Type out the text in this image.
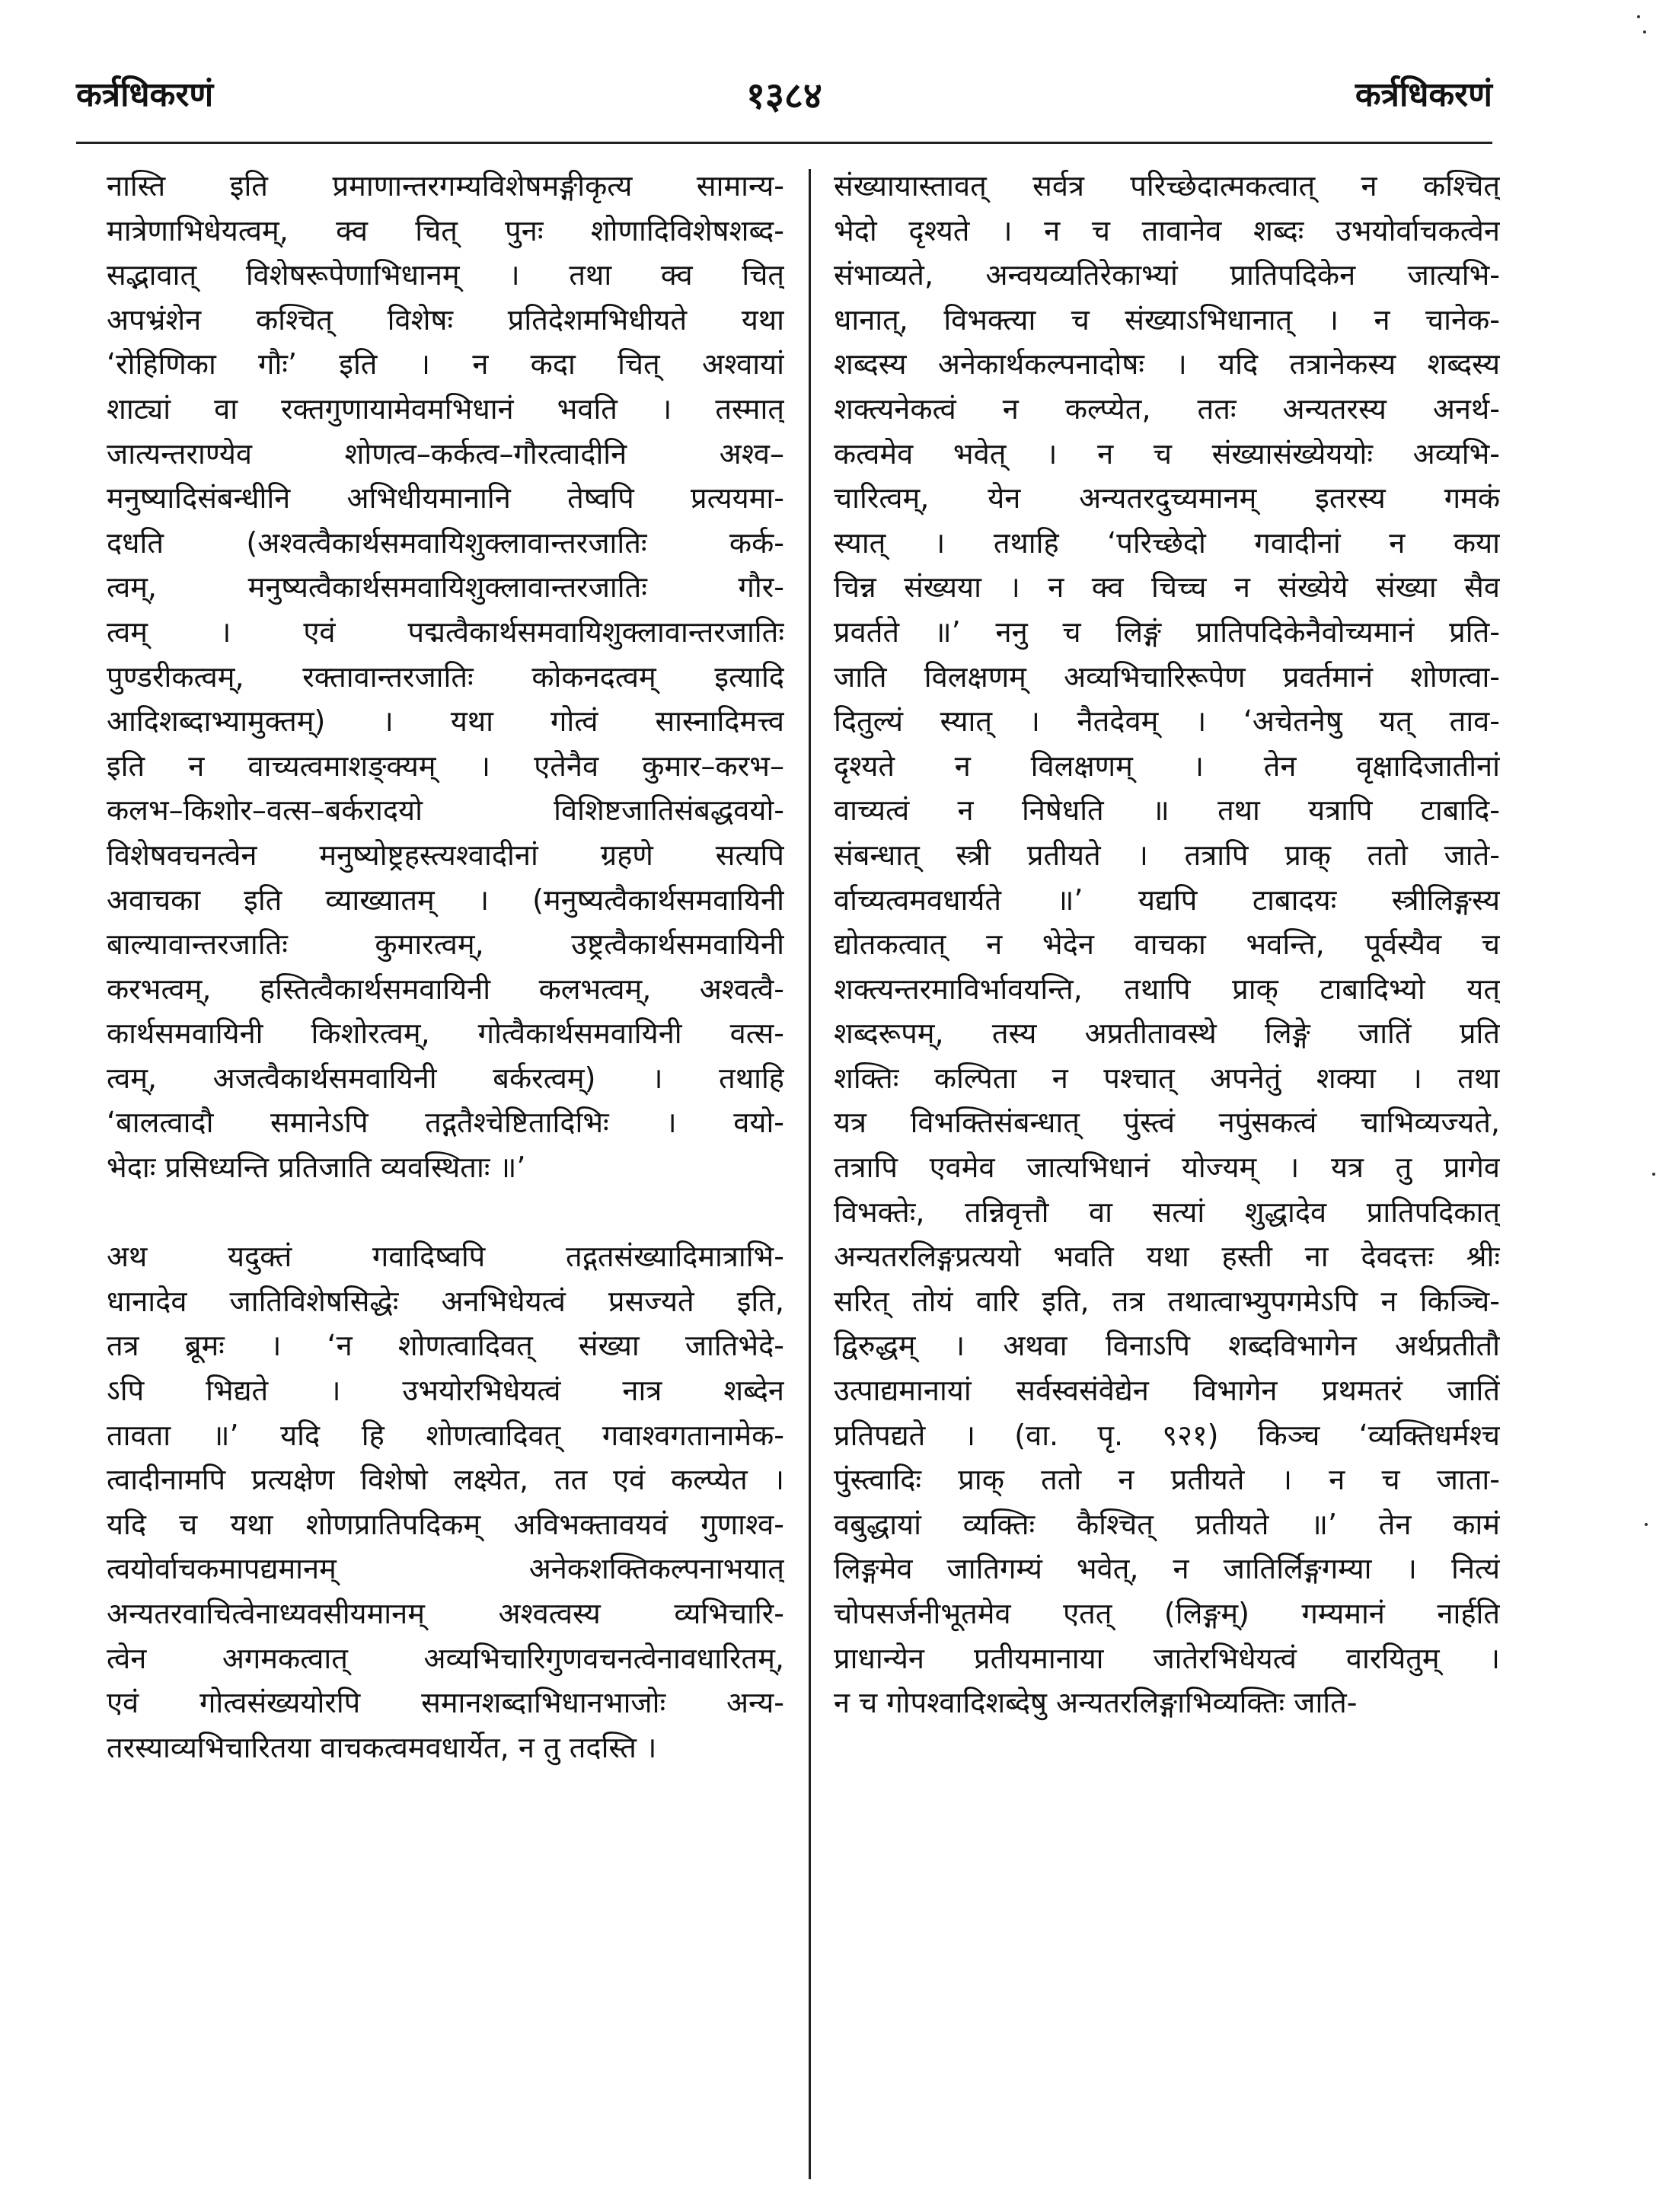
कर्त्रधिकरणं	१३८४	कर्त्रधिकरणं
नास्ति इति प्रमाणान्तरगम्यविशेषमङ्गीकृत्य सामान्य-
मात्रेणाभिधेयत्वम्, क्व चित् पुनः शोणादिविशेषशब्द-
सद्भावात् विशेषरूपेणाभिधानम् । तथा क्व चित्
अपभ्रंशेन कश्चित् विशेषः प्रतिदेशमभिधीयते यथा
‘रोहिणिका गौः’ इति । न कदा चित् अश्वायां
शाट्यां वा रक्तगुणायामेवमभिधानं भवति । तस्मात्
जात्यन्तराण्येव शोणत्व–कर्कत्व–गौरत्वादीनि अश्व–
मनुष्यादिसंबन्धीनि अभिधीयमानानि तेष्वपि प्रत्ययमा-
दधति (अश्वत्वैकार्थसमवायिशुक्लावान्तरजातिः कर्क-
त्वम्, मनुष्यत्वैकार्थसमवायिशुक्लावान्तरजातिः गौर-
त्वम् । एवं पद्मत्वैकार्थसमवायिशुक्लावान्तरजातिः
पुण्डरीकत्वम्, रक्तावान्तरजातिः कोकनदत्वम् इत्यादि
आदिशब्दाभ्यामुक्तम्) । यथा गोत्वं सास्नादिमत्त्व
इति न वाच्यत्वमाशङ्क्यम् । एतेनैव कुमार–करभ–
कलभ–किशोर–वत्स–बर्करादयो विशिष्टजातिसंबद्धवयो-
विशेषवचनत्वेन मनुष्योष्ट्रहस्त्यश्वादीनां ग्रहणे सत्यपि
अवाचका इति व्याख्यातम् । (मनुष्यत्वैकार्थसमवायिनी
बाल्यावान्तरजातिः कुमारत्वम्, उष्ट्रत्वैकार्थसमवायिनी
करभत्वम्, हस्तित्वैकार्थसमवायिनी कलभत्वम्, अश्वत्वै-
कार्थसमवायिनी किशोरत्वम्, गोत्वैकार्थसमवायिनी वत्स-
त्वम्, अजत्वैकार्थसमवायिनी बर्करत्वम्) । तथाहि
‘बालत्वादौ समानेऽपि तद्गतैश्चेष्टितादिभिः । वयो-
भेदाः प्रसिध्यन्ति प्रतिजाति व्यवस्थिताः ॥’
अथ यदुक्तं गवादिष्वपि तद्गतसंख्यादिमात्राभि-
धानादेव जातिविशेषसिद्धेः अनभिधेयत्वं प्रसज्यते इति,
तत्र ब्रूमः । ‘न शोणत्वादिवत् संख्या जातिभेदे-
ऽपि भिद्यते । उभयोरभिधेयत्वं नात्र शब्देन
तावता ॥’ यदि हि शोणत्वादिवत् गवाश्वगतानामेक-
त्वादीनामपि प्रत्यक्षेण विशेषो लक्ष्येत, तत एवं कल्प्येत ।
यदि च यथा शोणप्रातिपदिकम् अविभक्तावयवं गुणाश्व-
त्वयोर्वाचकमापद्यमानम् अनेकशक्तिकल्पनाभयात्
अन्यतरवाचित्वेनाध्यवसीयमानम् अश्वत्वस्य व्यभिचारि-
त्वेन अगमकत्वात् अव्यभिचारिगुणवचनत्वेनावधारितम्,
एवं गोत्वसंख्ययोरपि समानशब्दाभिधानभाजोः अन्य-
तरस्याव्यभिचारितया वाचकत्वमवधार्येत, न तु तदस्ति ।
संख्यायास्तावत् सर्वत्र परिच्छेदात्मकत्वात् न कश्चित्
भेदो दृश्यते । न च तावानेव शब्दः उभयोर्वाचकत्वेन
संभाव्यते, अन्वयव्यतिरेकाभ्यां प्रातिपदिकेन जात्यभि-
धानात्, विभक्त्या च संख्याऽभिधानात् । न चानेक-
शब्दस्य अनेकार्थकल्पनादोषः । यदि तत्रानेकस्य शब्दस्य
शक्त्यनेकत्वं न कल्प्येत, ततः अन्यतरस्य अनर्थ-
कत्वमेव भवेत् । न च संख्यासंख्येययोः अव्यभि-
चारित्वम्, येन अन्यतरदुच्यमानम् इतरस्य गमकं
स्यात् । तथाहि ‘परिच्छेदो गवादीनां न कया
चिन्न संख्यया । न क्व चिच्च न संख्येये संख्या सैव
प्रवर्तते ॥’ ननु च लिङ्गं प्रातिपदिकेनैवोच्यमानं प्रति-
जाति विलक्षणम् अव्यभिचारिरूपेण प्रवर्तमानं शोणत्वा-
दितुल्यं स्यात् । नैतदेवम् । ‘अचेतनेषु यत् ताव-
दृश्यते न विलक्षणम् । तेन वृक्षादिजातीनां
वाच्यत्वं न निषेधति ॥ तथा यत्रापि टाबादि-
संबन्धात् स्त्री प्रतीयते । तत्रापि प्राक् ततो जाते-
र्वाच्यत्वमवधार्यते ॥’ यद्यपि टाबादयः स्त्रीलिङ्गस्य
द्योतकत्वात् न भेदेन वाचका भवन्ति, पूर्वस्यैव च
शक्त्यन्तरमाविर्भावयन्ति, तथापि प्राक् टाबादिभ्यो यत्
शब्दरूपम्, तस्य अप्रतीतावस्थे लिङ्गे जातिं प्रति
शक्तिः कल्पिता न पश्चात् अपनेतुं शक्या । तथा
यत्र विभक्तिसंबन्धात् पुंस्त्वं नपुंसकत्वं चाभिव्यज्यते,
तत्रापि एवमेव जात्यभिधानं योज्यम् । यत्र तु प्रागेव
विभक्तेः, तन्निवृत्तौ वा सत्यां शुद्धादेव प्रातिपदिकात्
अन्यतरलिङ्गप्रत्ययो भवति यथा हस्ती ना देवदत्तः श्रीः
सरित् तोयं वारि इति, तत्र तथात्वाभ्युपगमेऽपि न किञ्चि-
द्विरुद्धम् । अथवा विनाऽपि शब्दविभागेन अर्थप्रतीतौ
उत्पाद्यमानायां सर्वस्वसंवेद्येन विभागेन प्रथमतरं जातिं
प्रतिपद्यते । (वा. पृ. ९२१) किञ्च ‘व्यक्तिधर्मश्च
पुंस्त्वादिः प्राक् ततो न प्रतीयते । न च जाता-
वबुद्धायां व्यक्तिः कैश्चित् प्रतीयते ॥’ तेन कामं
लिङ्गमेव जातिगम्यं भवेत्, न जातिर्लिङ्गगम्या । नित्यं
चोपसर्जनीभूतमेव एतत् (लिङ्गम्) गम्यमानं नार्हति
प्राधान्येन प्रतीयमानाया जातेरभिधेयत्वं वारयितुम् ।
न च गोपश्वादिशब्देषु अन्यतरलिङ्गाभिव्यक्तिः जाति-
